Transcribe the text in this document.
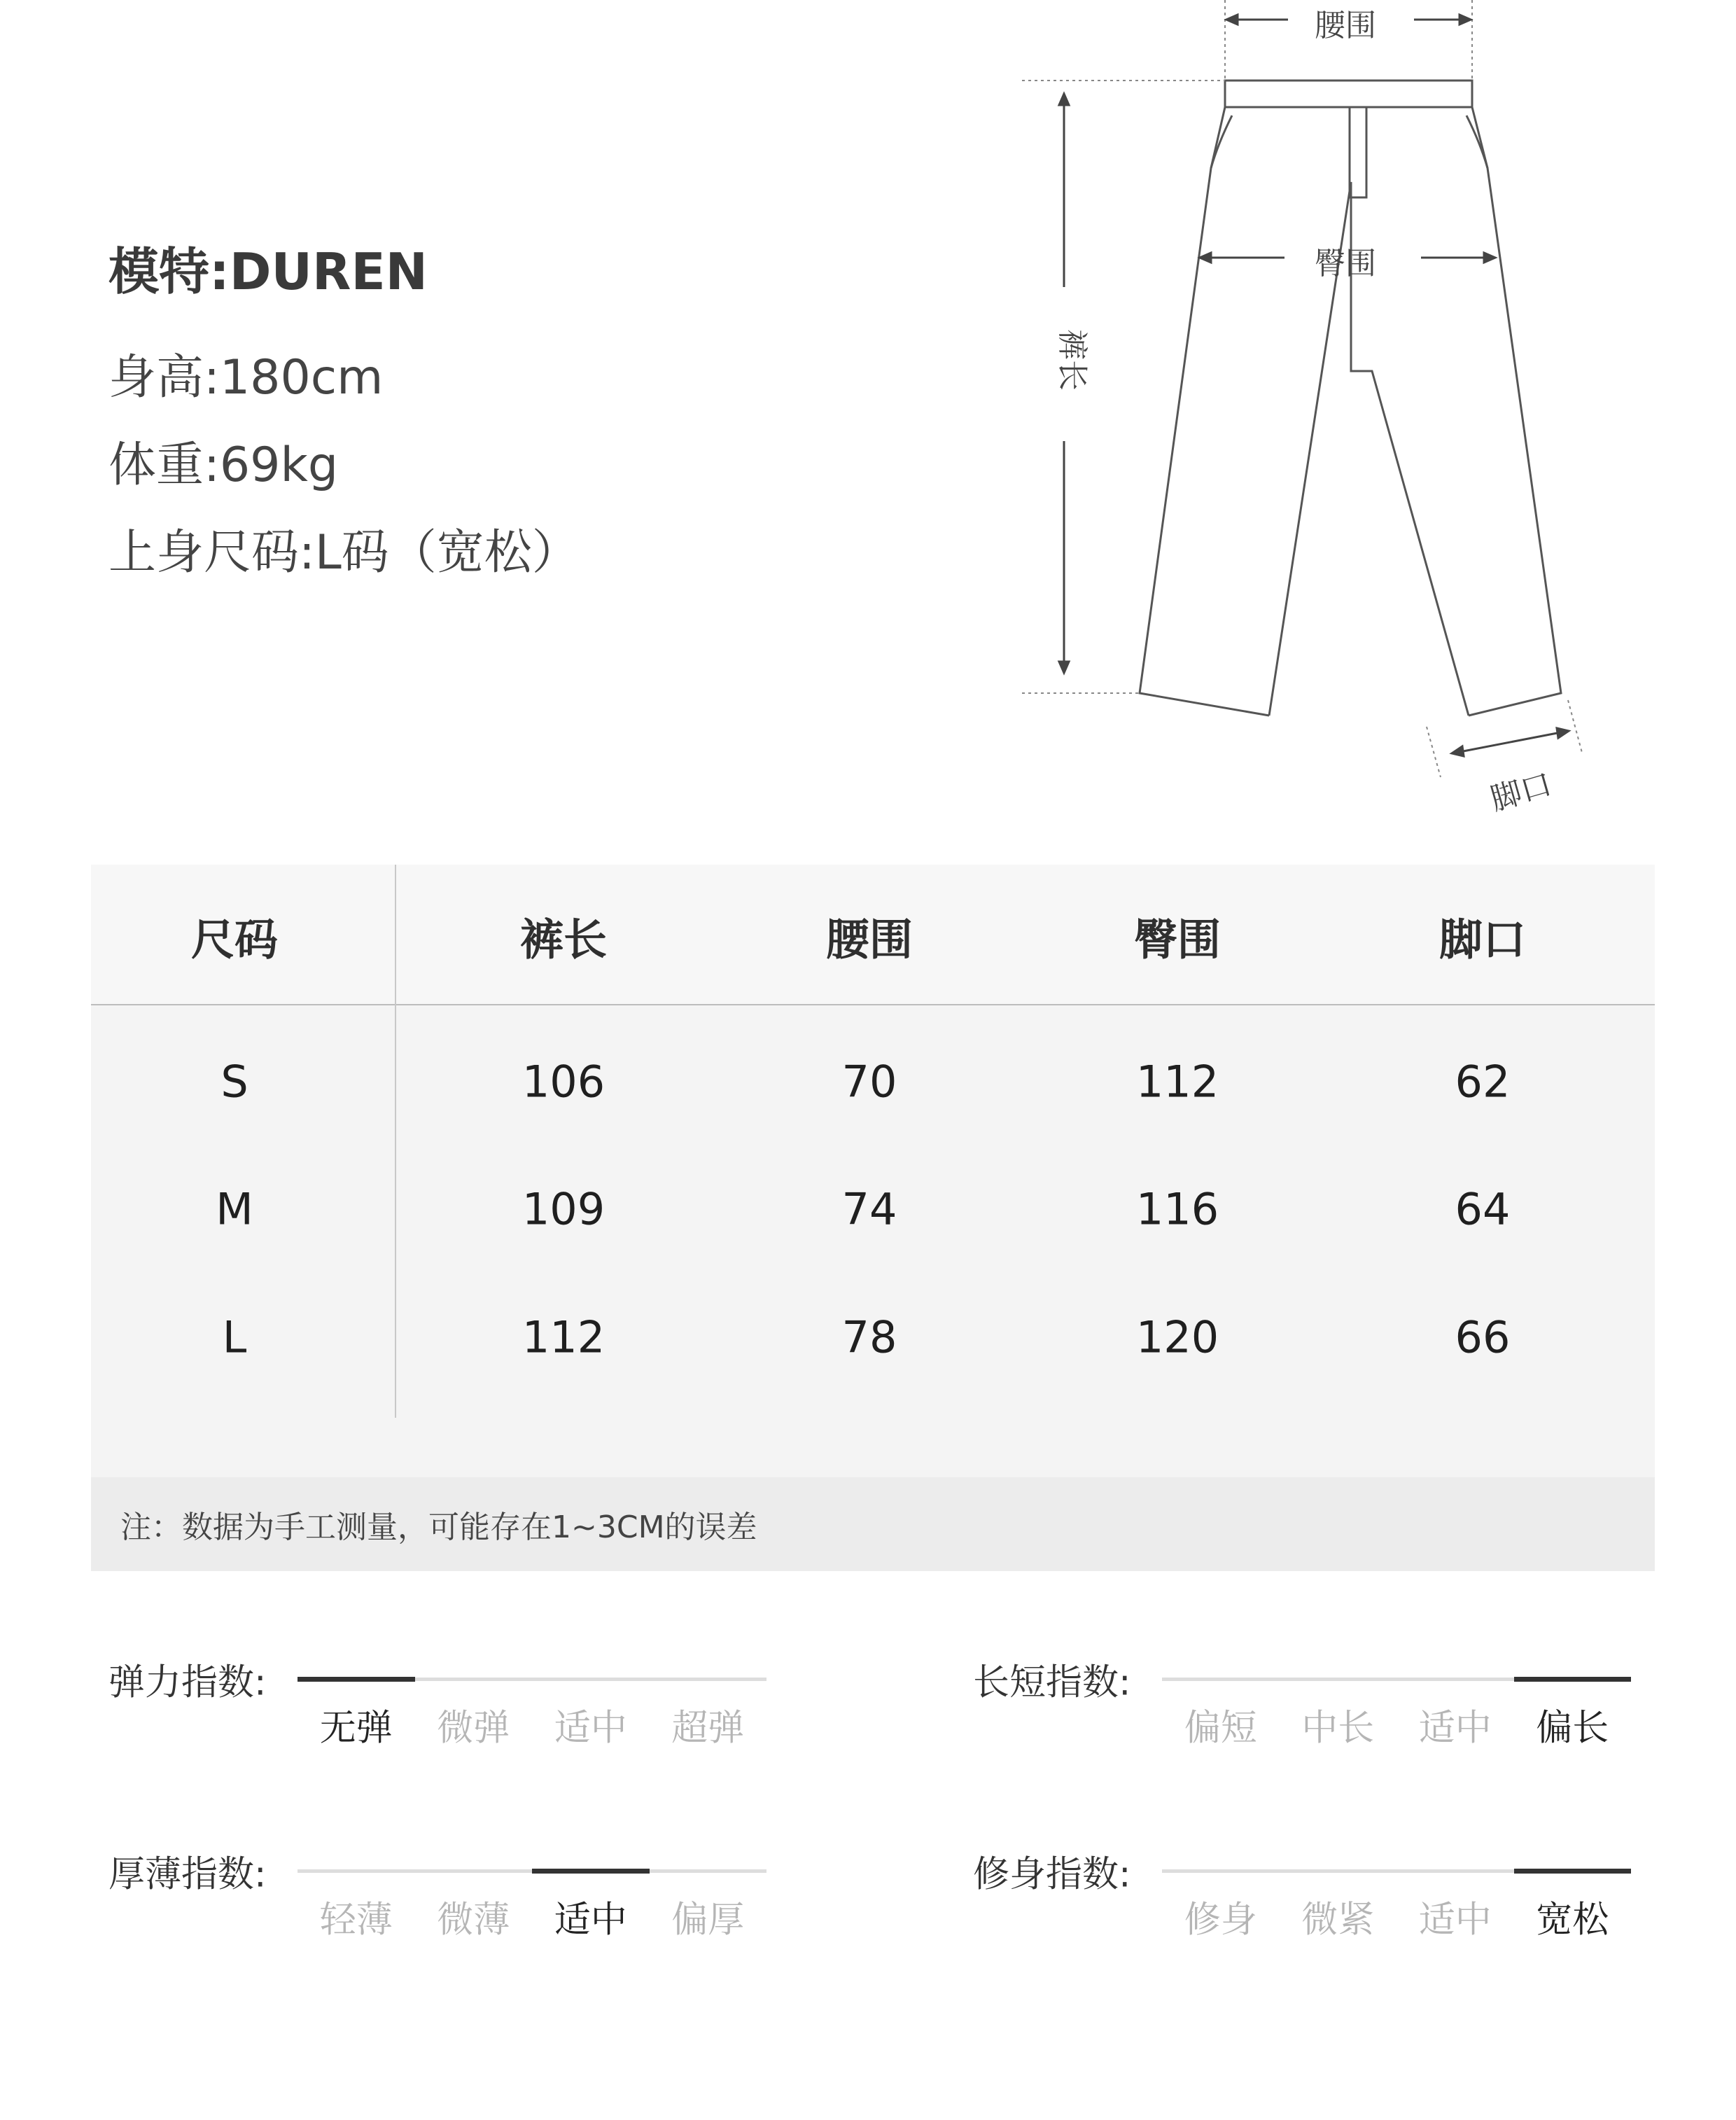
模特:DUREN
身高:180cm
体重:69kg
上身尺码:L码（宽松）
腰围
臀围
裤长
脚口
尺码	裤长	腰围	臀围	脚口
S	106	70	112	62
M	109	74	116	64
L	112	78	120	66
注：数据为手工测量，可能存在1~3CM的误差
弹力指数:
无弹 微弹 适中 超弹
长短指数:
偏短 中长 适中 偏长
厚薄指数:
轻薄 微薄 适中 偏厚
修身指数:
修身 微紧 适中 宽松
